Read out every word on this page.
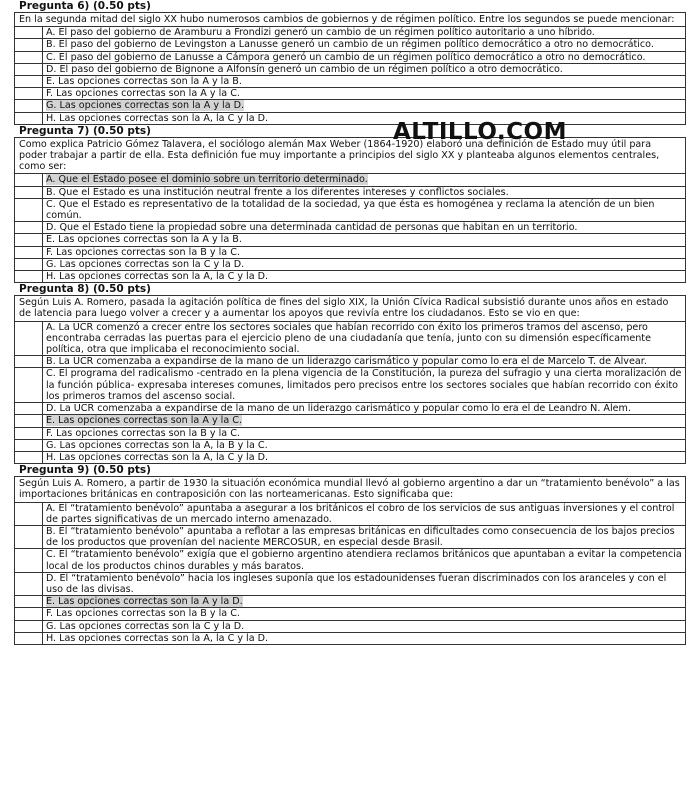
Pregunta 6) (0.50 pts)
En la segunda mitad del siglo XX hubo numerosos cambios de gobiernos y de régimen político. Entre los segundos se puede mencionar:
A. El paso del gobierno de Aramburu a Frondizi generó un cambio de un régimen político autoritario a uno híbrido.
B. El paso del gobierno de Levingston a Lanusse generó un cambio de un régimen político democrático a otro no democrático.
C. El paso del gobierno de Lanusse a Cámpora generó un cambio de un régimen político democrático a otro no democrático.
D. El paso del gobierno de Bignone a Alfonsín generó un cambio de un régimen político a otro democrático.
E. Las opciones correctas son la A y la B.
F. Las opciones correctas son la A y la C.
G. Las opciones correctas son la A y la D.
H. Las opciones correctas son la A, la C y la D.
Pregunta 7) (0.50 pts)
Como explica Patricio Gómez Talavera, el sociólogo alemán Max Weber (1864-1920) elaboró una definición de Estado muy útil para poder trabajar a partir de ella. Esta definición fue muy importante a principios del siglo XX y planteaba algunos elementos centrales, como ser:
A. Que el Estado posee el dominio sobre un territorio determinado.
B. Que el Estado es una institución neutral frente a los diferentes intereses y conflictos sociales.
C. Que el Estado es representativo de la totalidad de la sociedad, ya que ésta es homogénea y reclama la atención de un bien común.
D. Que el Estado tiene la propiedad sobre una determinada cantidad de personas que habitan en un territorio.
E. Las opciones correctas son la A y la B.
F. Las opciones correctas son la B y la C.
G. Las opciones correctas son la C y la D.
H. Las opciones correctas son la A, la C y la D.
Pregunta 8) (0.50 pts)
Según Luis A. Romero, pasada la agitación política de fines del siglo XIX, la Unión Cívica Radical subsistió durante unos años en estado de latencia para luego volver a crecer y a aumentar los apoyos que revivía entre los ciudadanos. Esto se vio en que:
A. La UCR comenzó a crecer entre los sectores sociales que habían recorrido con éxito los primeros tramos del ascenso, pero encontraba cerradas las puertas para el ejercicio pleno de una ciudadanía que tenía, junto con su dimensión específicamente política, otra que implicaba el reconocimiento social.
B. La UCR comenzaba a expandirse de la mano de un liderazgo carismático y popular como lo era el de Marcelo T. de Alvear.
C. El programa del radicalismo -centrado en la plena vigencia de la Constitución, la pureza del sufragio y una cierta moralización de la función pública- expresaba intereses comunes, limitados pero precisos entre los sectores sociales que habían recorrido con éxito los primeros tramos del ascenso social.
D. La UCR comenzaba a expandirse de la mano de un liderazgo carismático y popular como lo era el de Leandro N. Alem.
E. Las opciones correctas son la A y la C.
F. Las opciones correctas son la B y la C.
G. Las opciones correctas son la A, la B y la C.
H. Las opciones correctas son la A, la C y la D.
Pregunta 9) (0.50 pts)
Según Luis A. Romero, a partir de 1930 la situación económica mundial llevó al gobierno argentino a dar un “tratamiento benévolo” a las importaciones británicas en contraposición con las norteamericanas. Esto significaba que:
A. El “tratamiento benévolo” apuntaba a asegurar a los británicos el cobro de los servicios de sus antiguas inversiones y el control de partes significativas de un mercado interno amenazado.
B. El “tratamiento benévolo” apuntaba a reflotar a las empresas británicas en dificultades como consecuencia de los bajos precios de los productos que provenían del naciente MERCOSUR, en especial desde Brasil.
C. El “tratamiento benévolo” exigía que el gobierno argentino atendiera reclamos británicos que apuntaban a evitar la competencia local de los productos chinos durables y más baratos.
D. El “tratamiento benévolo” hacia los ingleses suponía que los estadounidenses fueran discriminados con los aranceles y con el uso de las divisas.
E. Las opciones correctas son la A y la D.
F. Las opciones correctas son la B y la C.
G. Las opciones correctas son la C y la D.
H. Las opciones correctas son la A, la C y la D.
ALTILLO.COM
